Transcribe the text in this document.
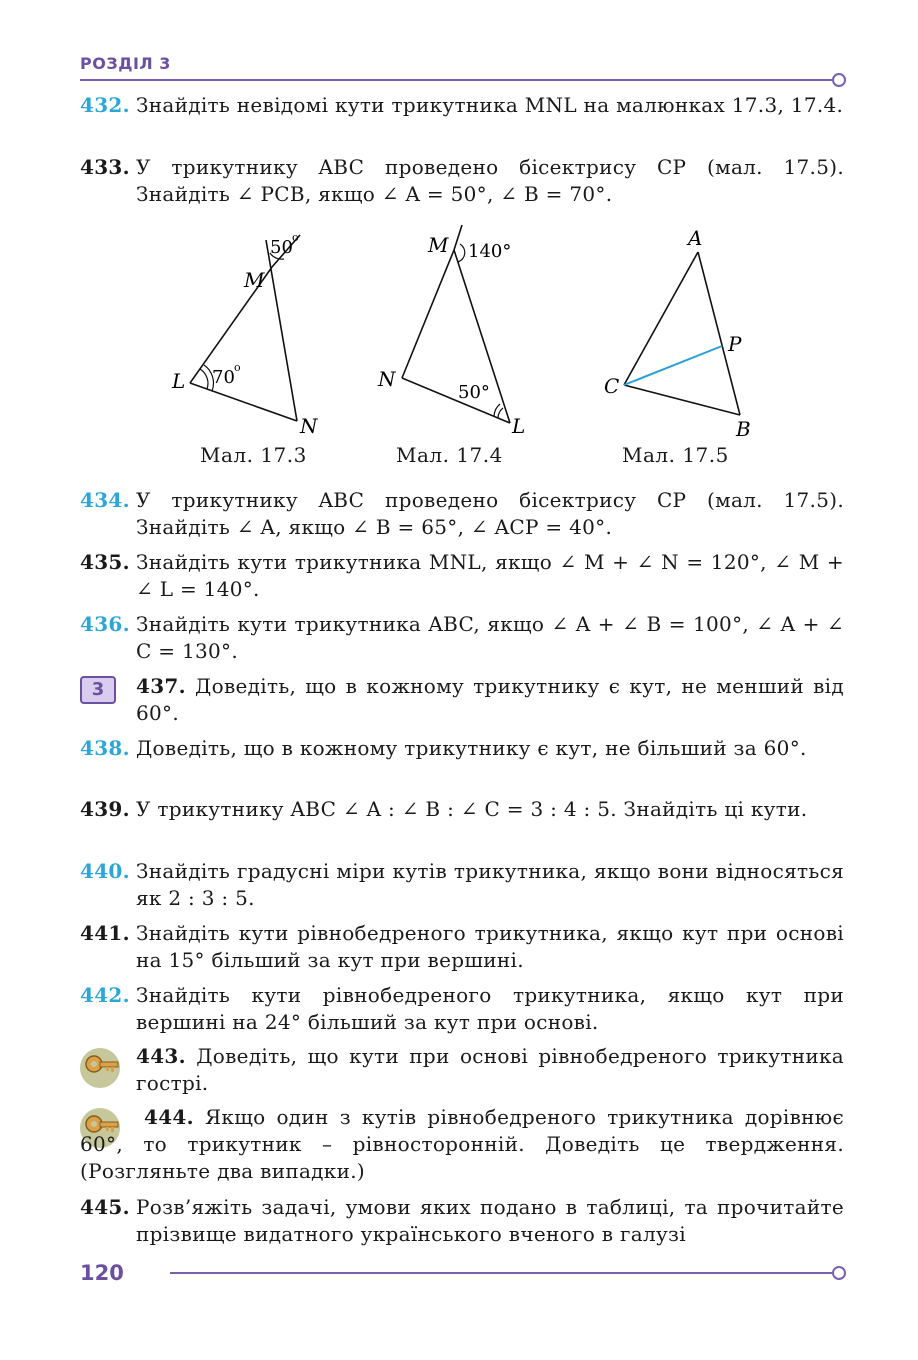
РОЗДІЛ 3
432. Знайдіть невідомі кути трикутника MNL на малюнках 17.3, 17.4.
433. У трикутнику ABC проведено бісектрису CP (мал. 17.5). Знайдіть ∠ PCB, якщо ∠ A = 50°, ∠ B = 70°.
M
L
N
50 o
70 o
Мал. 17.3
M
N
L
140°
50°
Мал. 17.4
A
P
C
B
Мал. 17.5
434. У трикутнику ABC проведено бісектрису CP (мал. 17.5). Знайдіть ∠ A, якщо ∠ B = 65°, ∠ ACP = 40°.
435. Знайдіть кути трикутника MNL, якщо ∠ M + ∠ N = 120°, ∠ M + ∠ L = 140°.
436. Знайдіть кути трикутника ABC, якщо ∠ A + ∠ B = 100°, ∠ A + ∠ C = 130°.
3	437. Доведіть, що в кожному трикутнику є кут, не менший від 60°.
438. Доведіть, що в кожному трикутнику є кут, не більший за 60°.
439. У трикутнику ABC ∠ A : ∠ B : ∠ C = 3 : 4 : 5. Знайдіть ці кути.
440. Знайдіть градусні міри кутів трикутника, якщо вони відносяться як 2 : 3 : 5.
441. Знайдіть кути рівнобедреного трикутника, якщо кут при основі на 15° більший за кут при вершині.
442. Знайдіть кути рівнобедреного трикутника, якщо кут при вершині на 24° більший за кут при основі.
443. Доведіть, що кути при основі рівнобедреного трикутника гострі.
444. Якщо один з кутів рівнобедреного трикутника дорівнює 60°, то трикутник – рівносторонній. Доведіть це твердження. (Розгляньте два випадки.)
445. Розв’яжіть задачі, умови яких подано в таблиці, та прочитайте прізвище видатного українського вченого в галузі
120
